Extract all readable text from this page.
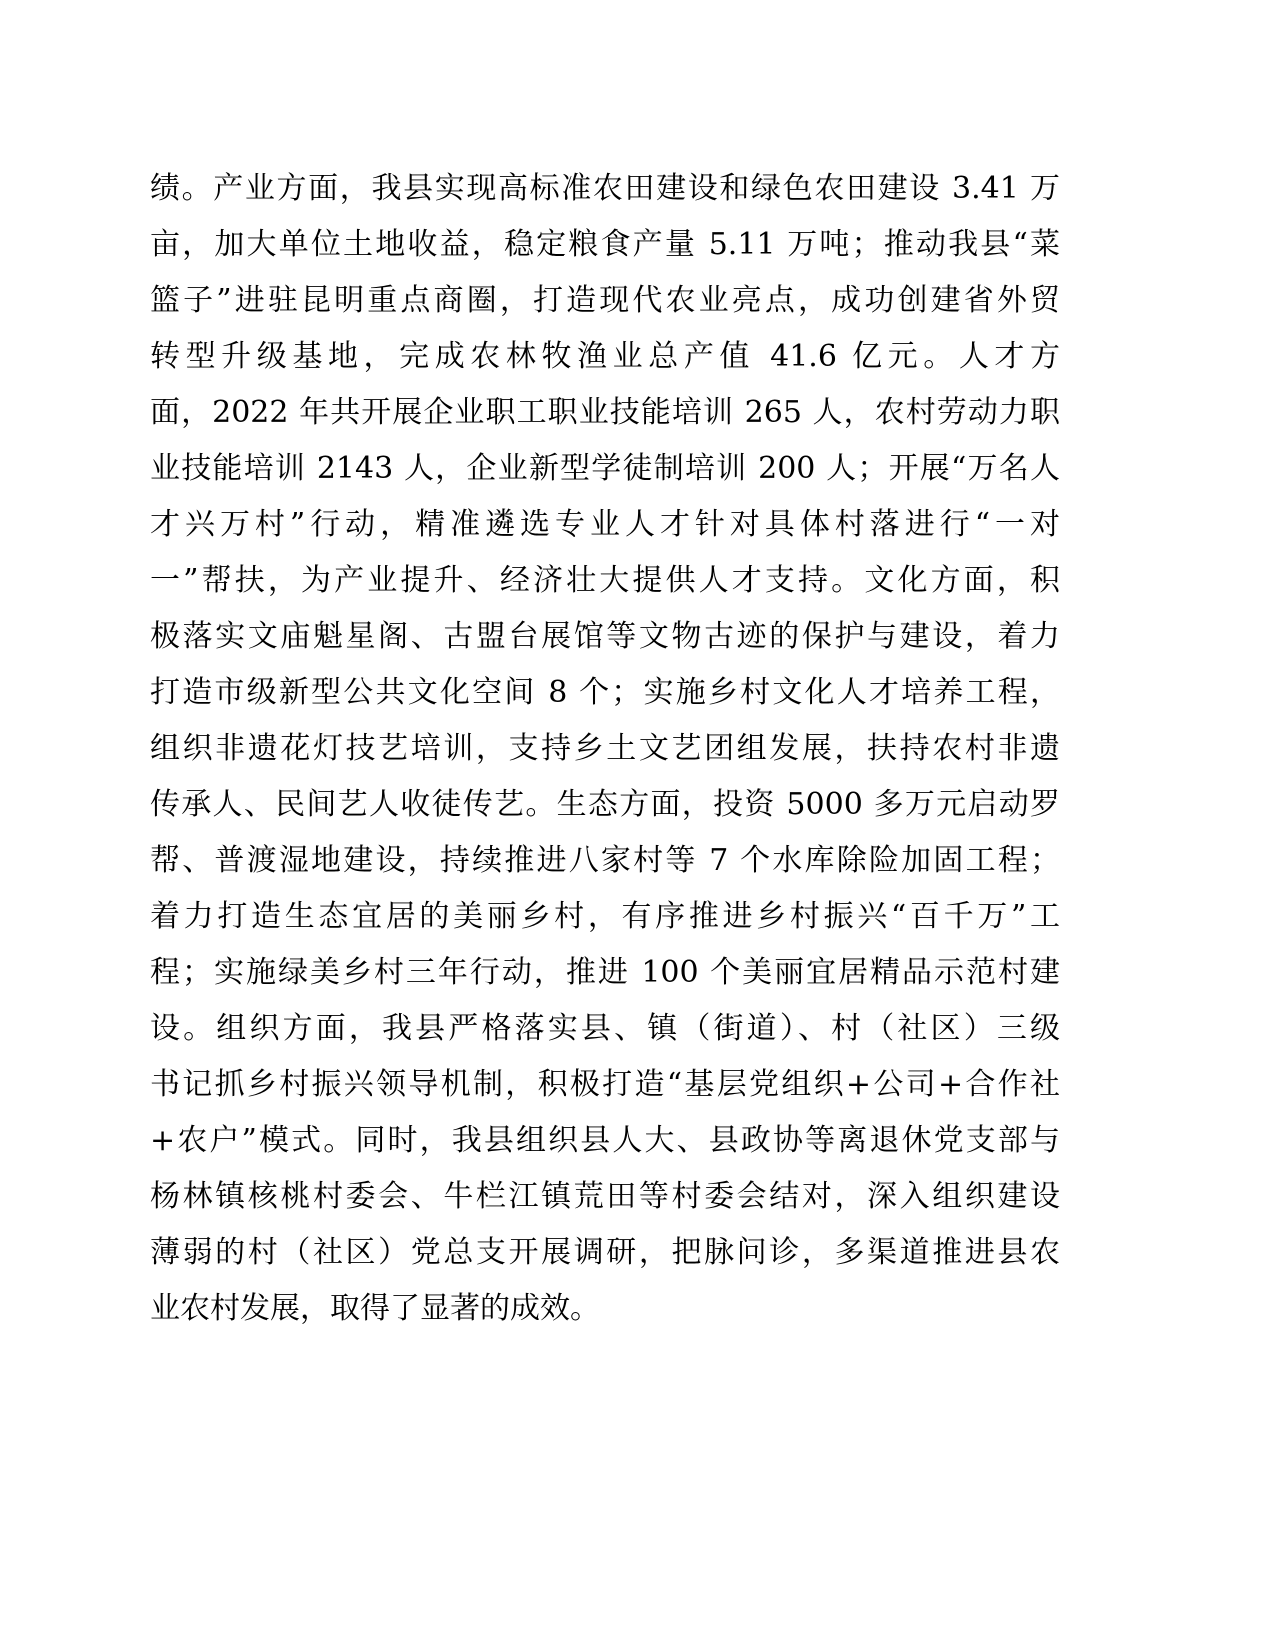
绩。产业方面，我县实现高标准农田建设和绿色农田建设 3.41 万
亩，加大单位土地收益，稳定粮食产量 5.11 万吨；推动我县“菜
篮子”进驻昆明重点商圈，打造现代农业亮点，成功创建省外贸
转型升级基地，完成农林牧渔业总产值 41.6 亿元。人才方
面，2022 年共开展企业职工职业技能培训 265 人，农村劳动力职
业技能培训 2143 人，企业新型学徒制培训 200 人；开展“万名人
才兴万村”行动，精准遴选专业人才针对具体村落进行“一对
一”帮扶，为产业提升、经济壮大提供人才支持。文化方面，积
极落实文庙魁星阁、古盟台展馆等文物古迹的保护与建设，着力
打造市级新型公共文化空间 8 个；实施乡村文化人才培养工程，
组织非遗花灯技艺培训，支持乡土文艺团组发展，扶持农村非遗
传承人、民间艺人收徒传艺。生态方面，投资 5000 多万元启动罗
帮、普渡湿地建设，持续推进八家村等 7 个水库除险加固工程；
着力打造生态宜居的美丽乡村，有序推进乡村振兴“百千万”工
程；实施绿美乡村三年行动，推进 100 个美丽宜居精品示范村建
设。组织方面，我县严格落实县、镇（街道）、村（社区）三级
书记抓乡村振兴领导机制，积极打造“基层党组织+公司+合作社
+农户”模式。同时，我县组织县人大、县政协等离退休党支部与
杨林镇核桃村委会、牛栏江镇荒田等村委会结对，深入组织建设
薄弱的村（社区）党总支开展调研，把脉问诊，多渠道推进县农
业农村发展，取得了显著的成效。
